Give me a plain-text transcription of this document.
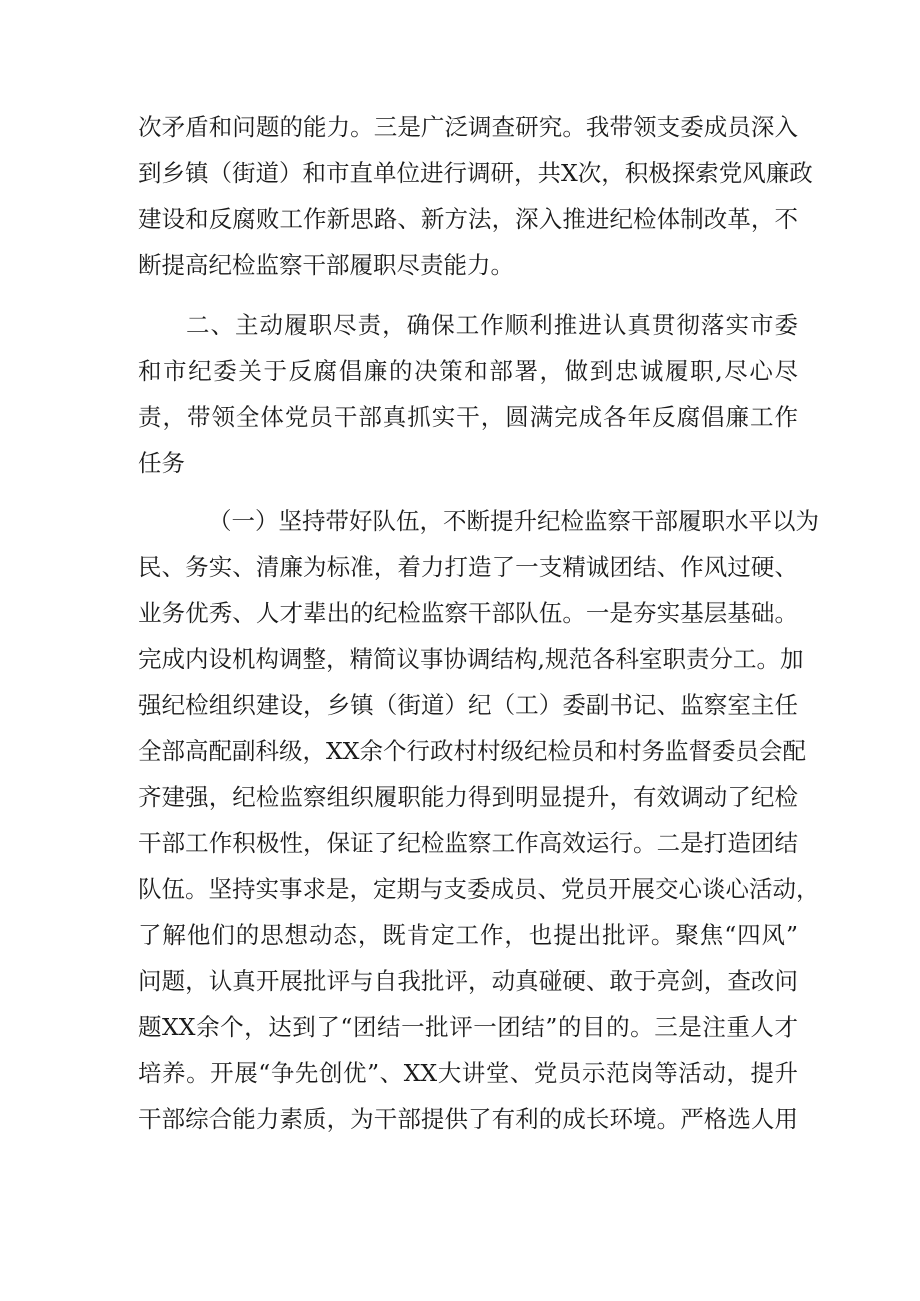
次矛盾和问题的能力。三是广泛调查研究。我带领支委成员深入
到乡镇（街道）和市直单位进行调研，共X次，积极探索党风廉政
建设和反腐败工作新思路、新方法，深入推进纪检体制改革，不
断提高纪检监察干部履职尽责能力。
二、主动履职尽责，确保工作顺利推进认真贯彻落实市委
和市纪委关于反腐倡廉的决策和部署，做到忠诚履职,尽心尽
责，带领全体党员干部真抓实干，圆满完成各年反腐倡廉工作
任务
（一）坚持带好队伍，不断提升纪检监察干部履职水平以为
民、务实、清廉为标准，着力打造了一支精诚团结、作风过硬、
业务优秀、人才辈出的纪检监察干部队伍。一是夯实基层基础。
完成内设机构调整，精简议事协调结构,规范各科室职责分工。加
强纪检组织建设，乡镇（街道）纪（工）委副书记、监察室主任
全部高配副科级，XX余个行政村村级纪检员和村务监督委员会配
齐建强，纪检监察组织履职能力得到明显提升，有效调动了纪检
干部工作积极性，保证了纪检监察工作高效运行。二是打造团结
队伍。坚持实事求是，定期与支委成员、党员开展交心谈心活动，
了解他们的思想动态，既肯定工作，也提出批评。聚焦“四风”
问题，认真开展批评与自我批评，动真碰硬、敢于亮剑，查改问
题XX余个，达到了“团结一批评一团结”的目的。三是注重人才
培养。开展“争先创优”、XX大讲堂、党员示范岗等活动，提升
干部综合能力素质，为干部提供了有利的成长环境。严格选人用
